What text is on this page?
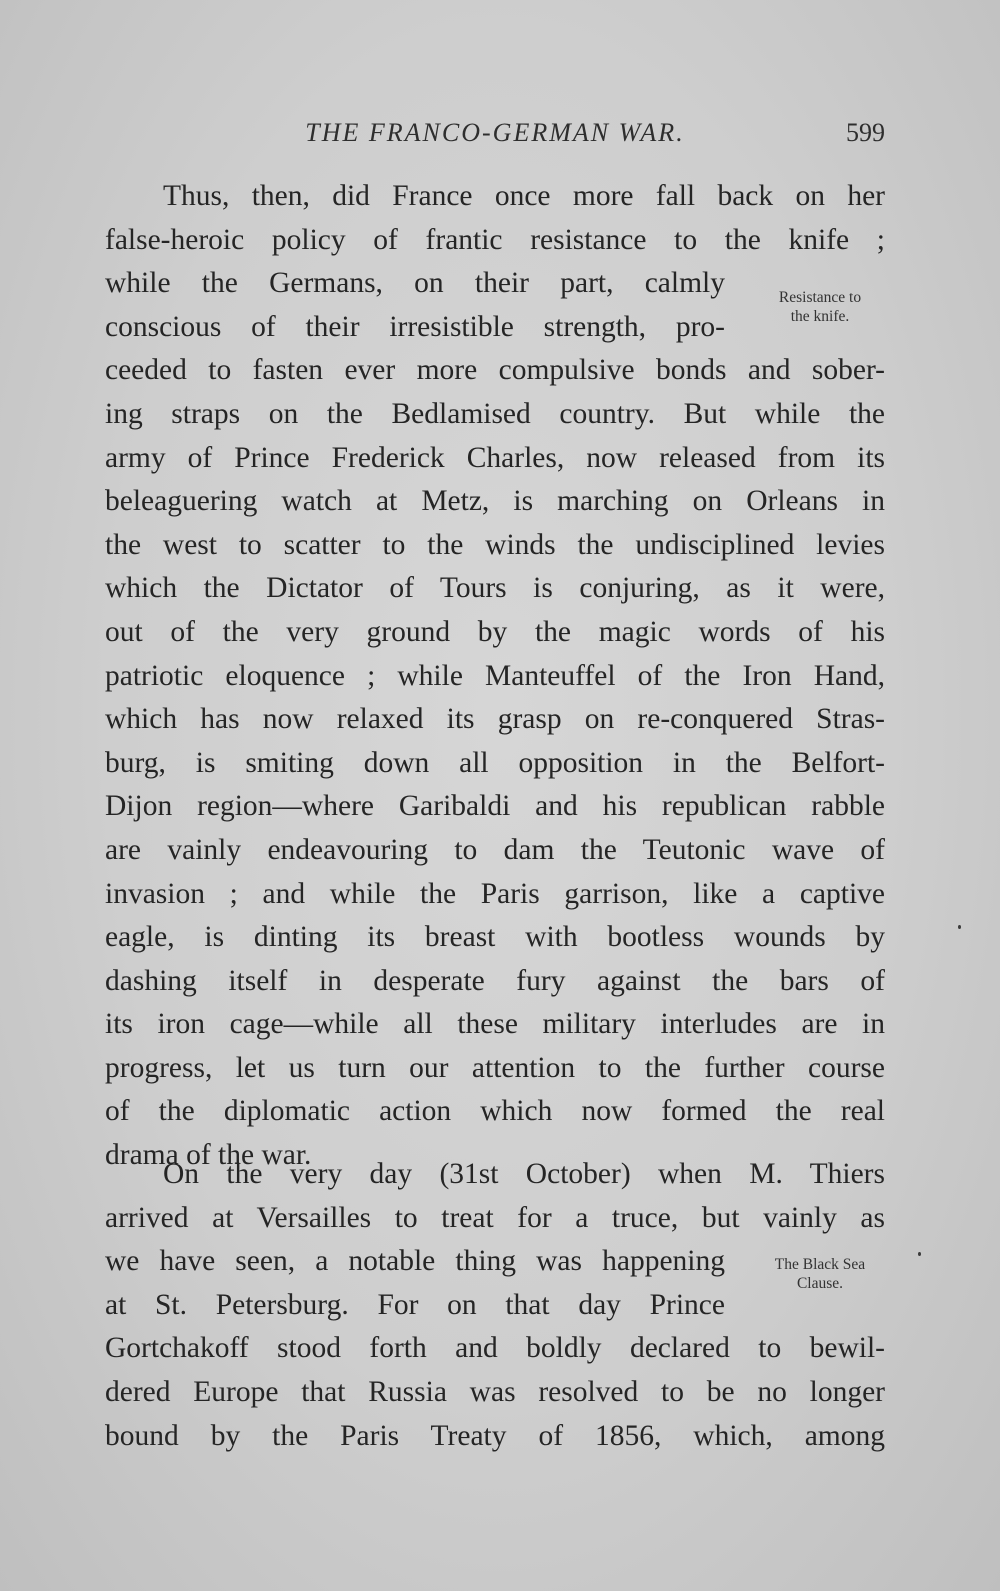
THE FRANCO-GERMAN WAR.	599
Thus, then, did France once more fall back on her
false-heroic policy of frantic resistance to the knife ;
while the Germans, on their part, calmly
conscious of their irresistible strength, pro-
ceeded to fasten ever more compulsive bonds and sober-
ing straps on the Bedlamised country. But while the
army of Prince Frederick Charles, now released from its
beleaguering watch at Metz, is marching on Orleans in
the west to scatter to the winds the undisciplined levies
which the Dictator of Tours is conjuring, as it were,
out of the very ground by the magic words of his
patriotic eloquence ; while Manteuffel of the Iron Hand,
which has now relaxed its grasp on re-conquered Stras-
burg, is smiting down all opposition in the Belfort-
Dijon region—where Garibaldi and his republican rabble
are vainly endeavouring to dam the Teutonic wave of
invasion ; and while the Paris garrison, like a captive
eagle, is dinting its breast with bootless wounds by
dashing itself in desperate fury against the bars of
its iron cage—while all these military interludes are in
progress, let us turn our attention to the further course
of the diplomatic action which now formed the real
drama of the war.
Resistance to
the knife.
On the very day (31st October) when M. Thiers
arrived at Versailles to treat for a truce, but vainly as
we have seen, a notable thing was happening
at St. Petersburg. For on that day Prince
Gortchakoff stood forth and boldly declared to bewil-
dered Europe that Russia was resolved to be no longer
bound by the Paris Treaty of 1856, which, among
The Black Sea
Clause.
